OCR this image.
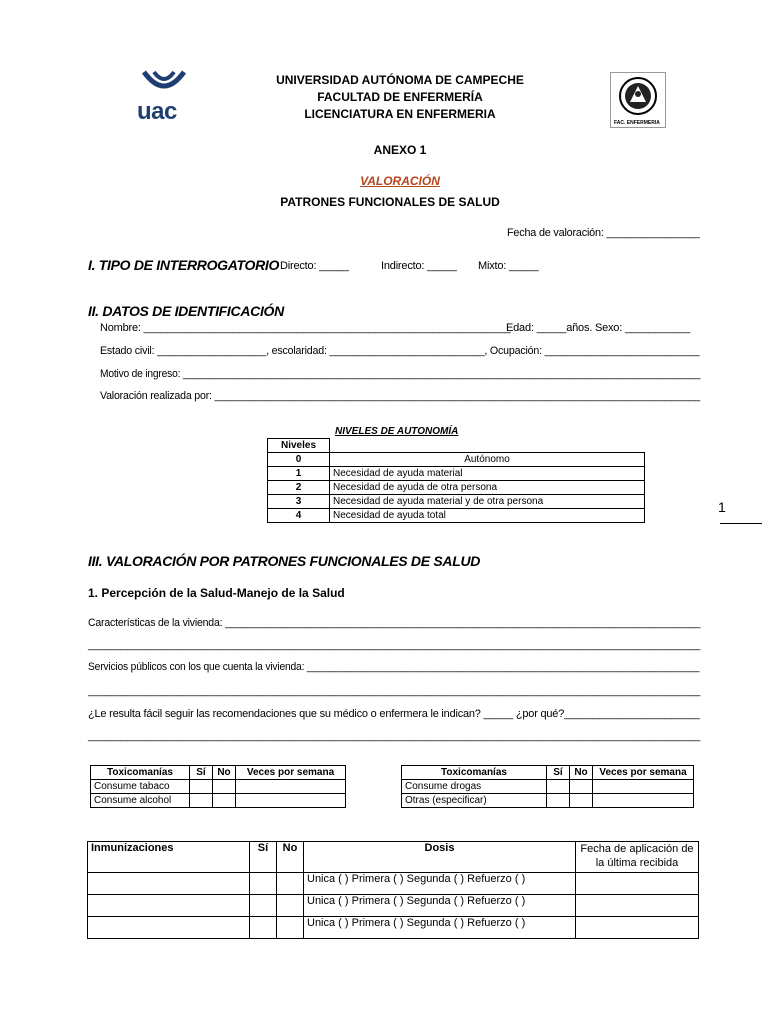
uac
UNIVERSIDAD AUTÓNOMA DE CAMPECHE
FACULTAD DE ENFERMERÍA
LICENCIATURA EN ENFERMERIA
FAC. ENFERMERIA
ANEXO 1
VALORACIÓN
PATRONES FUNCIONALES DE SALUD
Fecha de valoración: ________________
I. TIPO DE INTERROGATORIO Directo: _____	Indirecto: _____ Mixto: _____
II. DATOS DE IDENTIFICACIÓN
Nombre: ______________________________________________________________
Edad: _____años. Sexo: ___________
Estado civil: ___________________, escolaridad: ___________________________, Ocupación: ___________________________
Motivo de ingreso: ______________________________________________________________________________________________
Valoración realizada por: _____________________________________________________________________________________
NIVELES DE AUTONOMÍA
Niveles	
0	Autónomo
1	Necesidad de ayuda material
2	Necesidad de ayuda de otra persona
3	Necesidad de ayuda material y de otra persona
4	Necesidad de ayuda total
1
III. VALORACIÓN POR PATRONES FUNCIONALES DE SALUD
1. Percepción de la Salud-Manejo de la Salud
Características de la vivienda: ____________________________________________________________________________________
_____________________________________________________________________________________________________________
Servicios públicos con los que cuenta la vivienda: _______________________________________________________________________
_____________________________________________________________________________________________________________
¿Le resulta fácil seguir las recomendaciones que su médico o enfermera le indican? _____ ¿por qué?_______________________
_____________________________________________________________________________________________________________
Toxicomanías	Sí	No	Veces por semana
Consume tabaco			
Consume alcohol			
Toxicomanías	Sí	No	Veces por semana
Consume drogas			
Otras (especificar)			
Inmunizaciones	Sí	No	Dosis	Fecha de aplicación de la última recibida
			Unica ( ) Primera ( ) Segunda ( ) Refuerzo ( )	
			Unica ( ) Primera ( ) Segunda ( ) Refuerzo ( )	
			Unica ( ) Primera ( ) Segunda ( ) Refuerzo ( )	
